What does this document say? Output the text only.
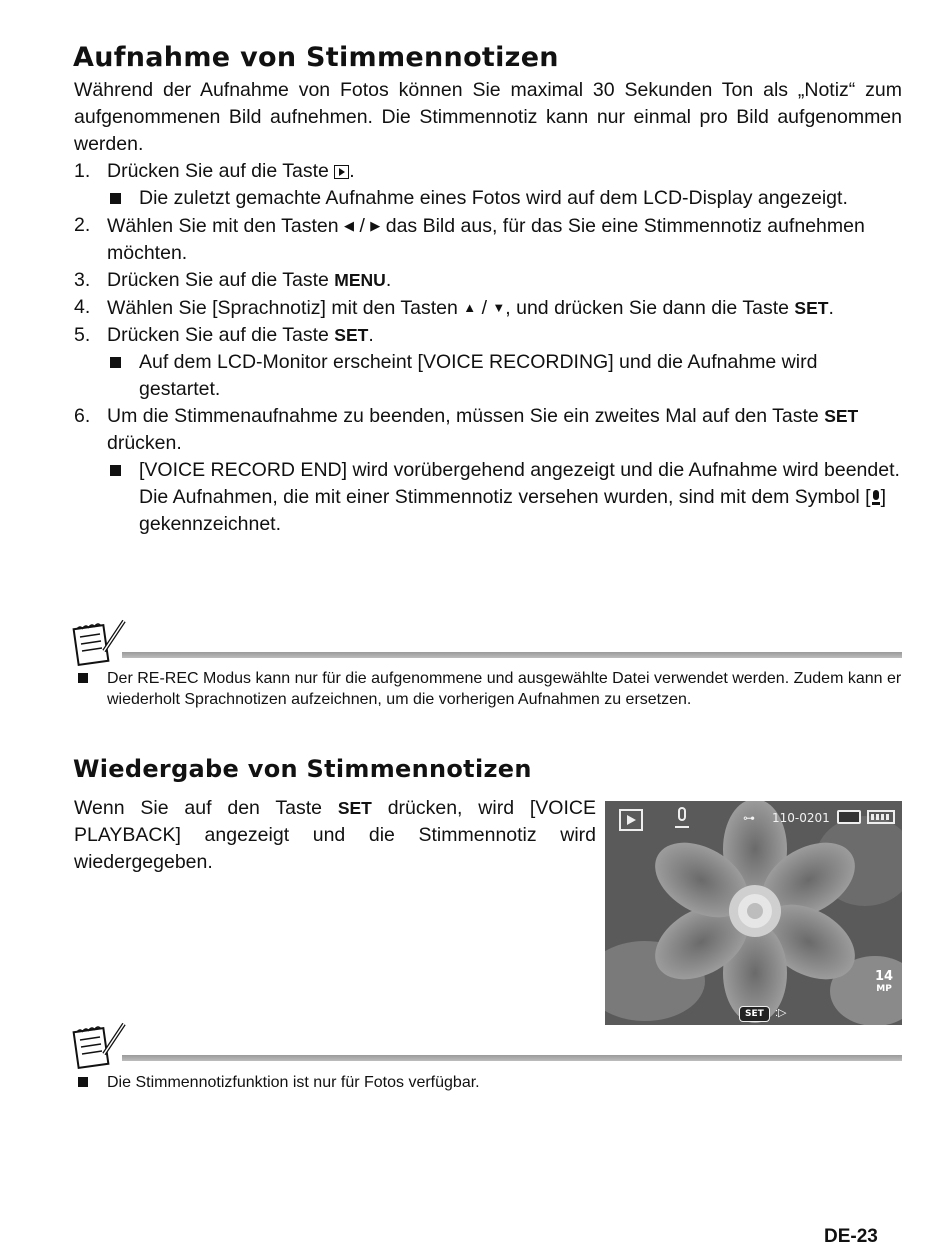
Aufnahme von Stimmennotizen
Während der Aufnahme von Fotos können Sie maximal 30 Sekunden Ton als „Notiz“ zum aufgenommenen Bild aufnehmen. Die Stimmennotiz kann nur einmal pro Bild aufgenommen werden.
1. Drücken Sie auf die Taste .
Die zuletzt gemachte Aufnahme eines Fotos wird auf dem LCD-Display angezeigt.
2. Wählen Sie mit den Tasten ◀ / ▶ das Bild aus, für das Sie eine Stimmennotiz aufnehmen möchten.
3. Drücken Sie auf die Taste MENU.
4. Wählen Sie [Sprachnotiz] mit den Tasten ▲ / ▼, und drücken Sie dann die Taste SET.
5. Drücken Sie auf die Taste SET.
Auf dem LCD-Monitor erscheint [VOICE RECORDING] und die Aufnahme wird gestartet.
6. Um die Stimmenaufnahme zu beenden, müssen Sie ein zweites Mal auf den Taste SET drücken.
[VOICE RECORD END] wird vorübergehend angezeigt und die Aufnahme wird beendet. Die Aufnahmen, die mit einer Stimmennotiz versehen wurden, sind mit dem Symbol [ ] gekennzeichnet.
Der RE-REC Modus kann nur für die aufgenommene und ausgewählte Datei verwendet werden. Zudem kann er wiederholt Sprachnotizen aufzeichnen, um die vorherigen Aufnahmen zu ersetzen.
Wiedergabe von Stimmennotizen
Wenn Sie auf den Taste SET drücken, wird [VOICE PLAYBACK] angezeigt und die Stimmennotiz wird wiedergegeben.
⊶ 110-0201
14
MP
SET	:▷
Die Stimmennotizfunktion ist nur für Fotos verfügbar.
DE-23
